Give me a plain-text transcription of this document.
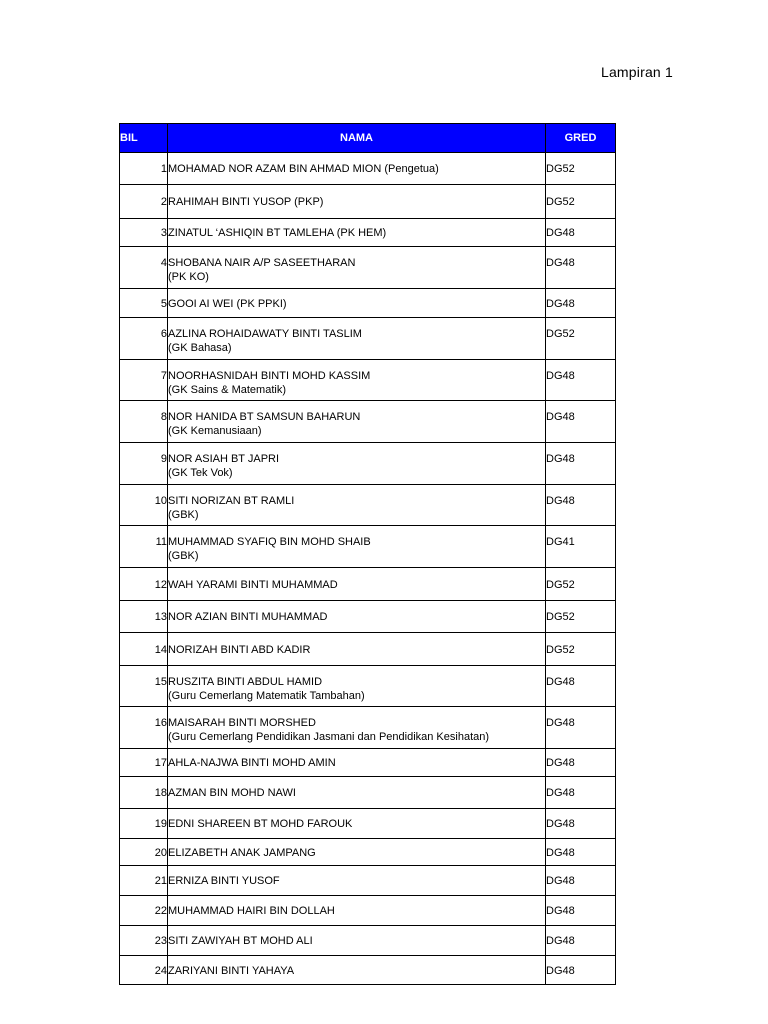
Lampiran 1
BIL	NAMA	GRED

1	MOHAMAD NOR AZAM BIN AHMAD MION (Pengetua)	DG52

2	RAHIMAH BINTI YUSOP (PKP)	DG52

3	ZINATUL ‘ASHIQIN BT TAMLEHA (PK HEM)	DG48

4	SHOBANA NAIR A/P SASEETHARAN
(PK KO)	DG48

5	GOOI AI WEI (PK PPKI)	DG48

6	AZLINA ROHAIDAWATY BINTI TASLIM
(GK Bahasa)	DG52

7	NOORHASNIDAH BINTI MOHD KASSIM
(GK Sains & Matematik)	DG48

8	NOR HANIDA BT SAMSUN BAHARUN
(GK Kemanusiaan)	DG48

9	NOR ASIAH BT JAPRI
(GK Tek Vok)	DG48

10	SITI NORIZAN BT RAMLI
(GBK)	DG48

11	MUHAMMAD SYAFIQ BIN MOHD SHAIB
(GBK)	DG41

12	WAH YARAMI BINTI MUHAMMAD	DG52

13	NOR AZIAN BINTI MUHAMMAD	DG52

14	NORIZAH BINTI ABD KADIR	DG52

15	RUSZITA BINTI ABDUL HAMID
(Guru Cemerlang Matematik Tambahan)	DG48

16	MAISARAH BINTI MORSHED
(Guru Cemerlang Pendidikan Jasmani dan Pendidikan Kesihatan)	DG48

17	AHLA-NAJWA BINTI MOHD AMIN	DG48

18	AZMAN BIN MOHD NAWI	DG48

19	EDNI SHAREEN BT MOHD FAROUK	DG48

20	ELIZABETH ANAK JAMPANG	DG48

21	ERNIZA BINTI YUSOF	DG48

22	MUHAMMAD HAIRI BIN DOLLAH	DG48

23	SITI ZAWIYAH BT MOHD ALI	DG48

24	ZARIYANI BINTI YAHAYA	DG48
